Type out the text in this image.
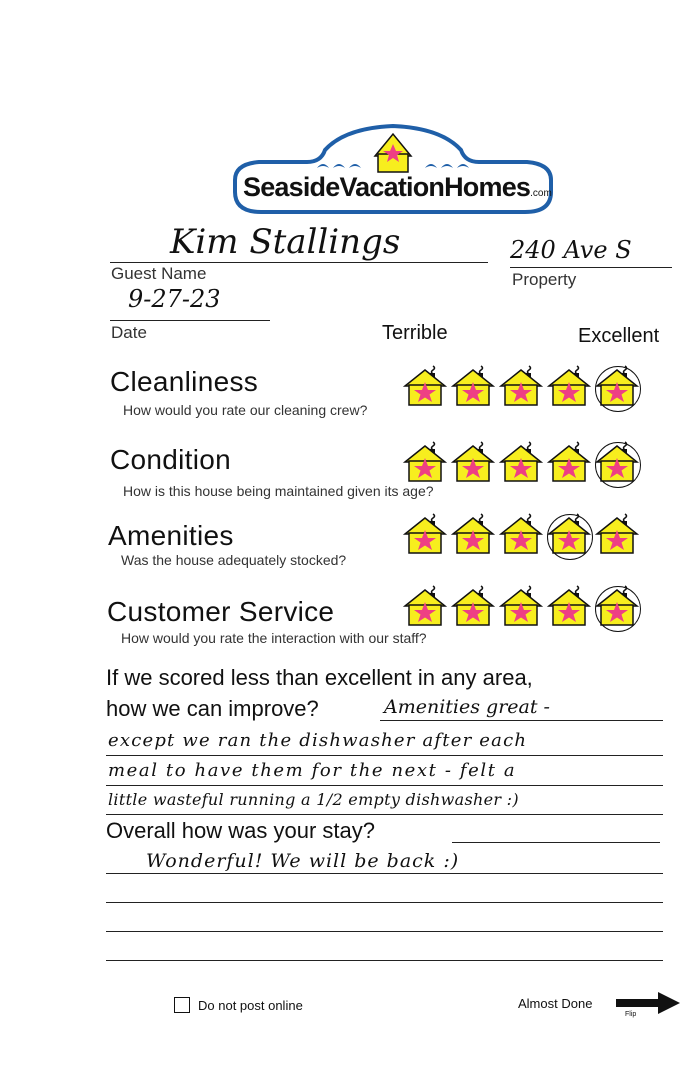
SeasideVacationHomes.com
Kim Stallings
Guest Name
240 Ave S
Property
9-27-23
Date	Terrible	Excellent
Cleanliness
How would you rate our cleaning crew?
Condition
How is this house being maintained given its age?
Amenities
Was the house adequately stocked?
Customer Service
How would you rate the interaction with our staff?
If we scored less than excellent in any area,
how we can improve?	Amenities great -
except we ran the dishwasher after each
meal to have them for the next - felt a
little wasteful running a 1/2 empty dishwasher :)
Overall how was your stay?
Wonderful! We will be back :)
Do not post online	Almost Done
Flip
